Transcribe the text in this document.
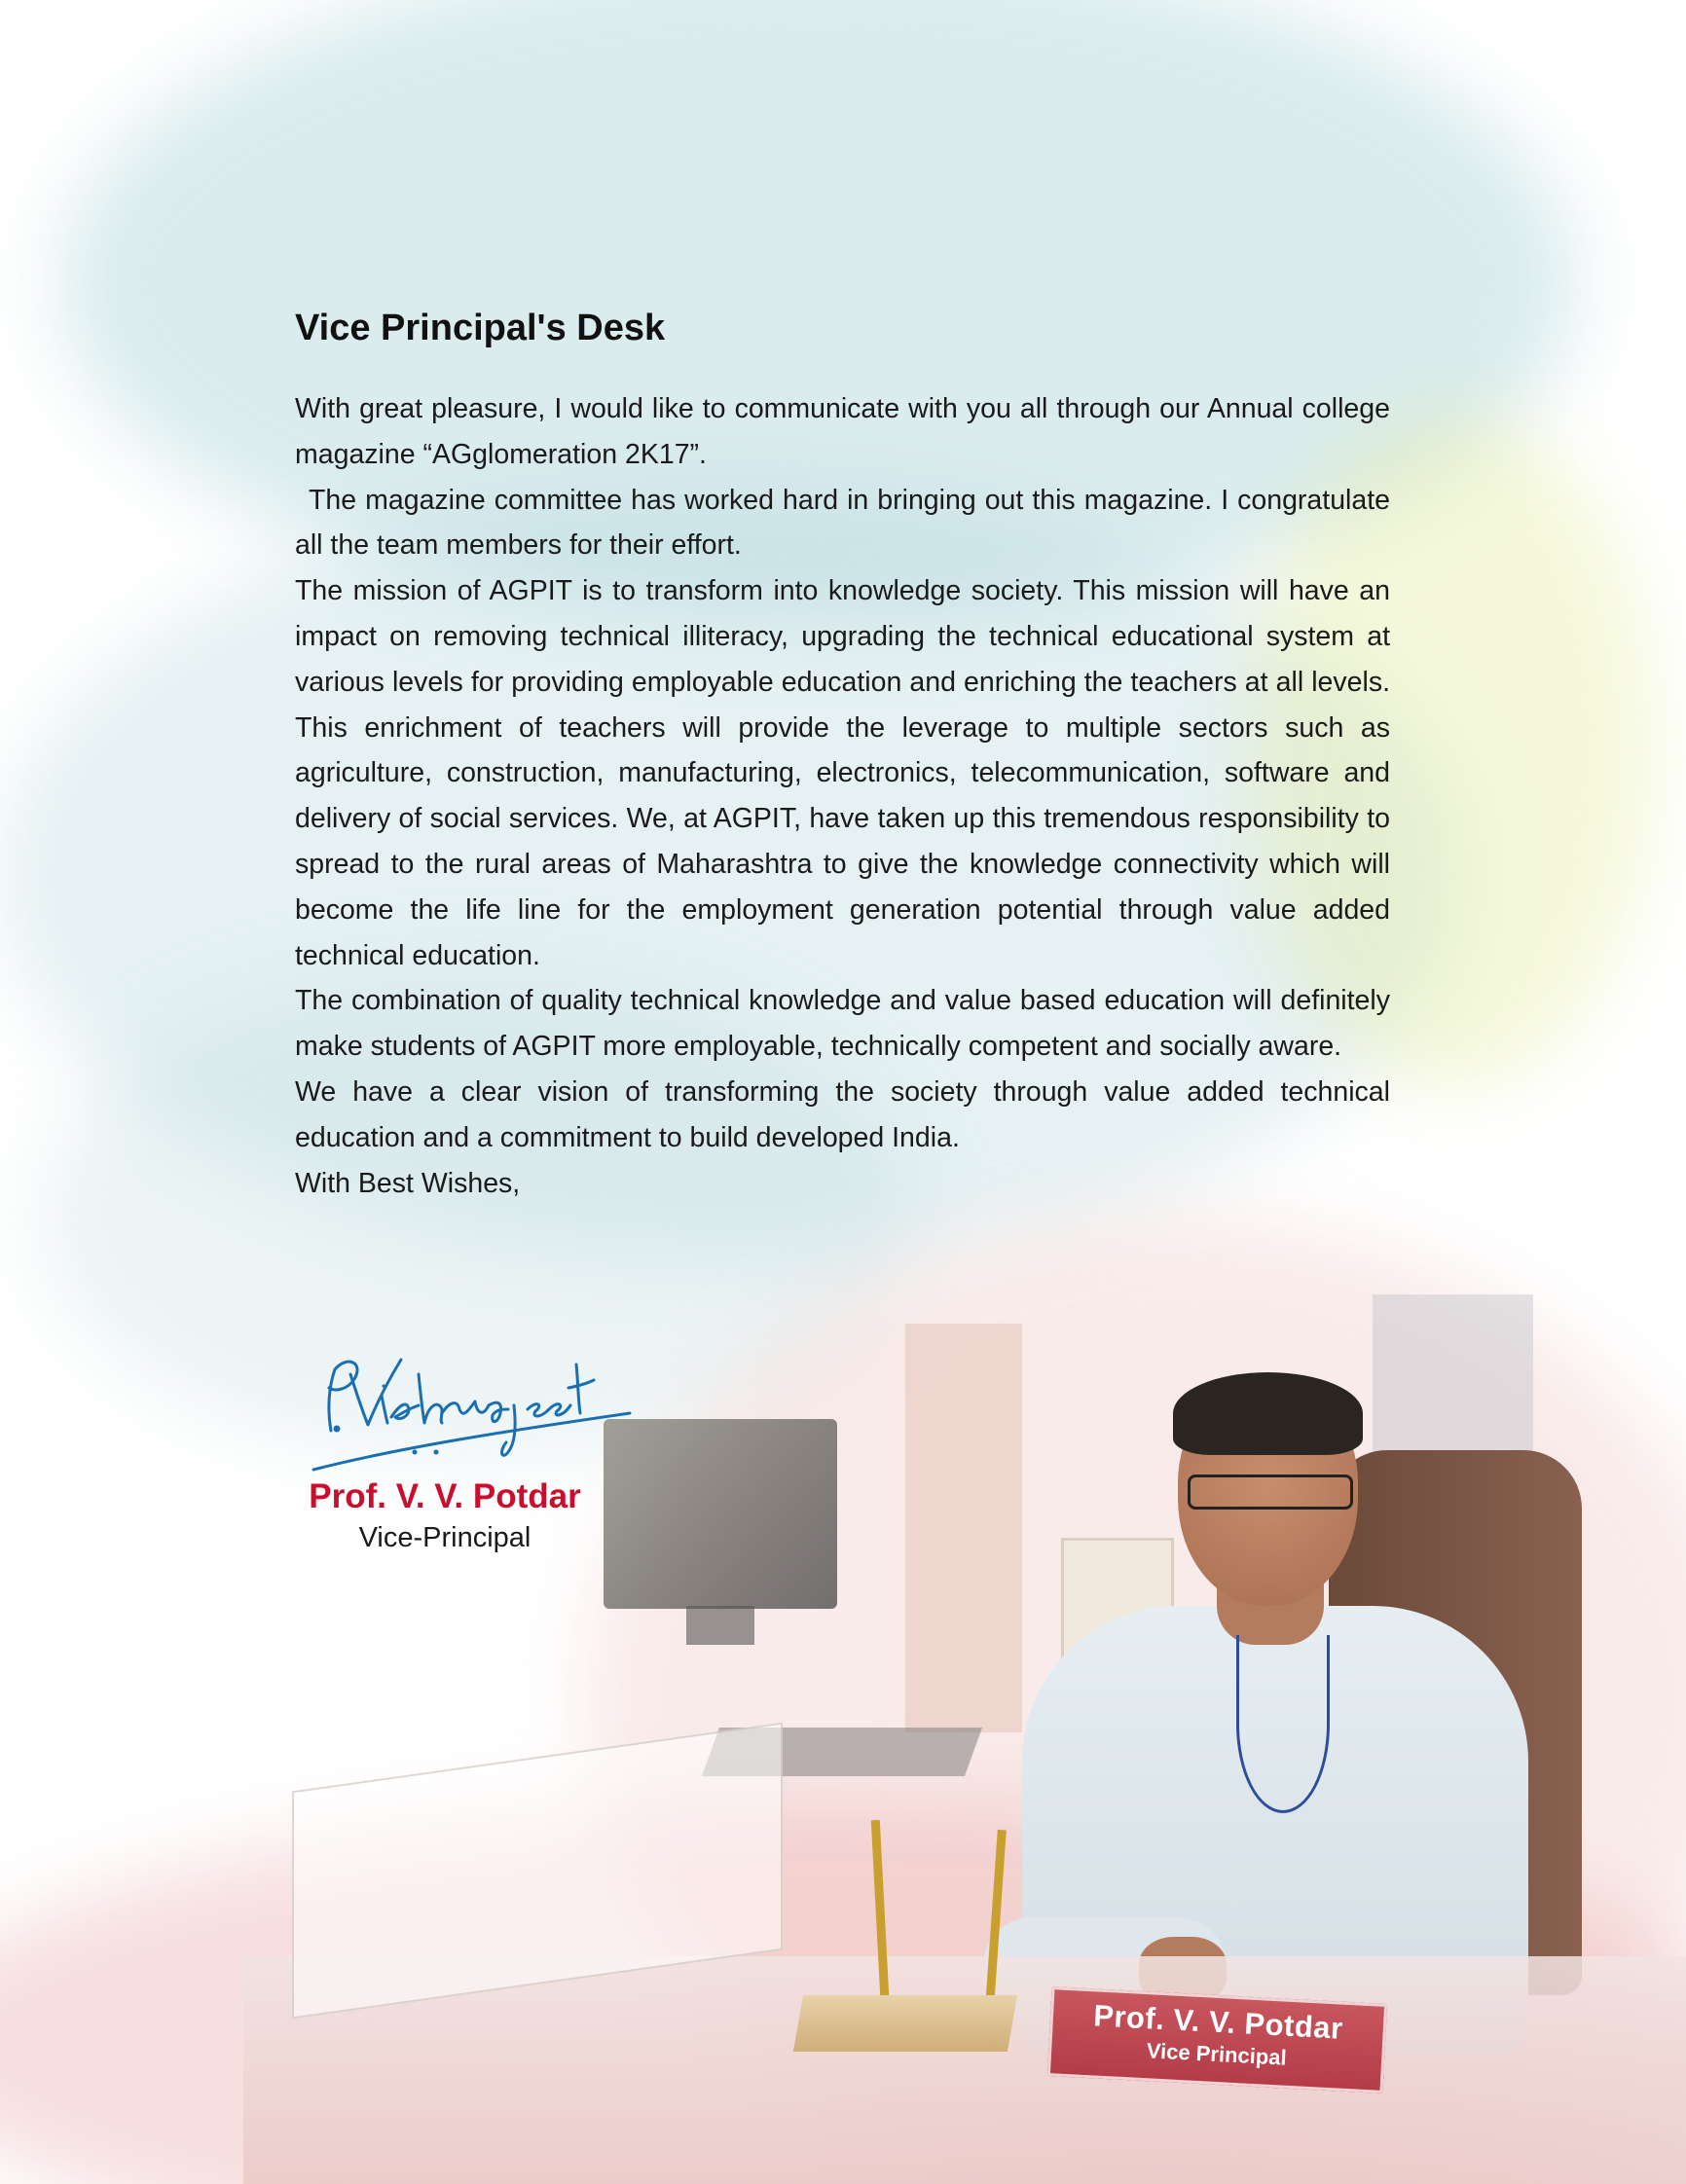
Prof. V. V. Potdar
Vice Principal
Vice Principal's Desk

With great pleasure, I would like to communicate with you all through our Annual college magazine “AGglomeration 2K17”.

The magazine committee has worked hard in bringing out this magazine. I congratulate all the team members for their effort.

The mission of AGPIT is to transform into knowledge society. This mission will have an impact on removing technical illiteracy, upgrading the technical educational system at various levels for providing employable education and enriching the teachers at all levels. This enrichment of teachers will provide the leverage to multiple sectors such as agriculture, construction, manufacturing, electronics, telecommunication, software and delivery of social services. We, at AGPIT, have taken up this tremendous responsibility to spread to the rural areas of Maharashtra to give the knowledge connectivity which will become the life line for the employment generation potential through value added technical education.

The combination of quality technical knowledge and value based education will definitely make students of AGPIT more employable, technically competent and socially aware.

We have a clear vision of transforming the society through value added technical education and a commitment to build developed India.

With Best Wishes,

Prof. V. V. Potdar

Vice-Principal
